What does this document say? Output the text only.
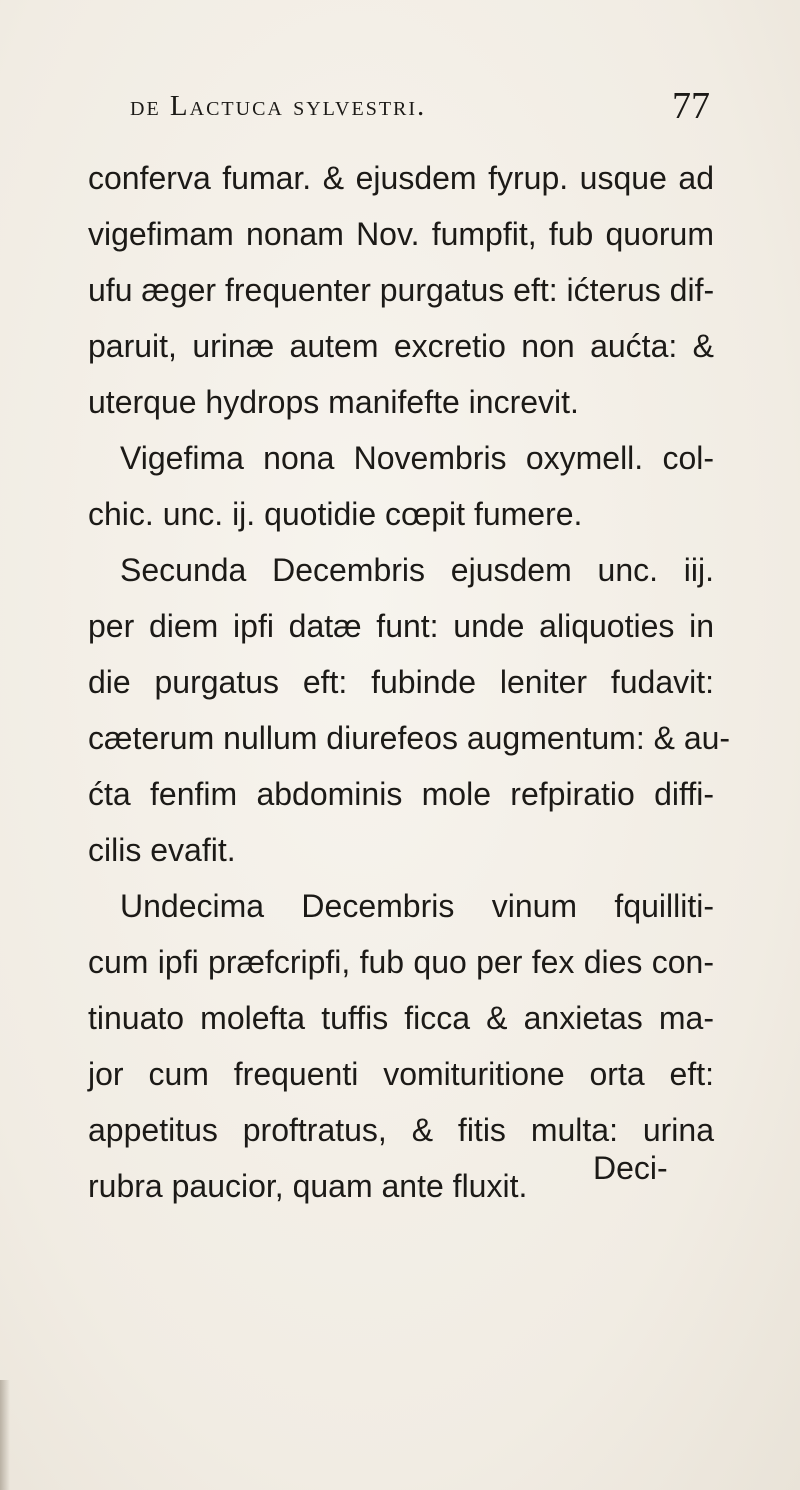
de Lactuca sylvestri.	77
conferva fumar. & ejusdem fyrup. usque ad
vigefimam nonam Nov. fumpfit, fub quorum
ufu æger frequenter purgatus eft: ićterus dif-
paruit, urinæ autem excretio non aućta: &
uterque hydrops manifefte increvit.
Vigefima nona Novembris oxymell. col-
chic. unc. ij. quotidie cœpit fumere.
Secunda Decembris ejusdem unc. iij.
per diem ipfi datæ funt: unde aliquoties in
die purgatus eft: fubinde leniter fudavit:
cæterum nullum diurefeos augmentum: & au-
ćta fenfim abdominis mole refpiratio diffi-
cilis evafit.
Undecima Decembris vinum fquilliti-
cum ipfi præfcripfi, fub quo per fex dies con-
tinuato molefta tuffis ficca & anxietas ma-
jor cum frequenti vomituritione orta eft:
appetitus proftratus, & fitis multa: urina
rubra paucior, quam ante fluxit.	Deci-
